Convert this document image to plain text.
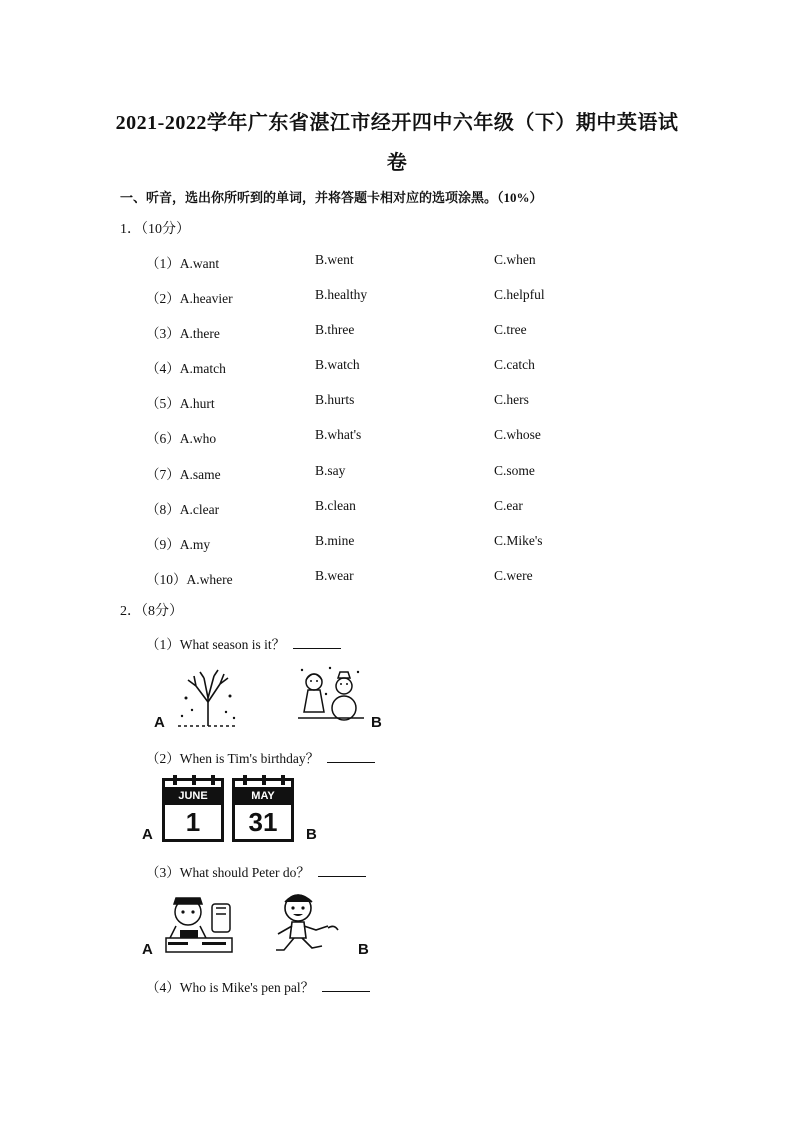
2021-2022学年广东省湛江市经开四中六年级（下）期中英语试
卷
一、听音，选出你所听到的单词，并将答题卡相对应的选项涂黑。（10%）
1．（10分）
（1）A.want	B.went	C.when
（2）A.heavier	B.healthy	C.helpful
（3）A.there	B.three	C.tree
（4）A.match	B.watch	C.catch
（5）A.hurt	B.hurts	C.hers
（6）A.who	B.what's	C.whose
（7）A.same	B.say	C.some
（8）A.clear	B.clean	C.ear
（9）A.my	B.mine	C.Mike's
（10）A.where	B.wear	C.were
2．（8分）
（1）What season is it？
A	B
（2）When is Tim's birthday？
JUNE
1
A
MAY
31	B
（3）What should Peter do？
A	B
（4）Who is Mike's pen pal？
